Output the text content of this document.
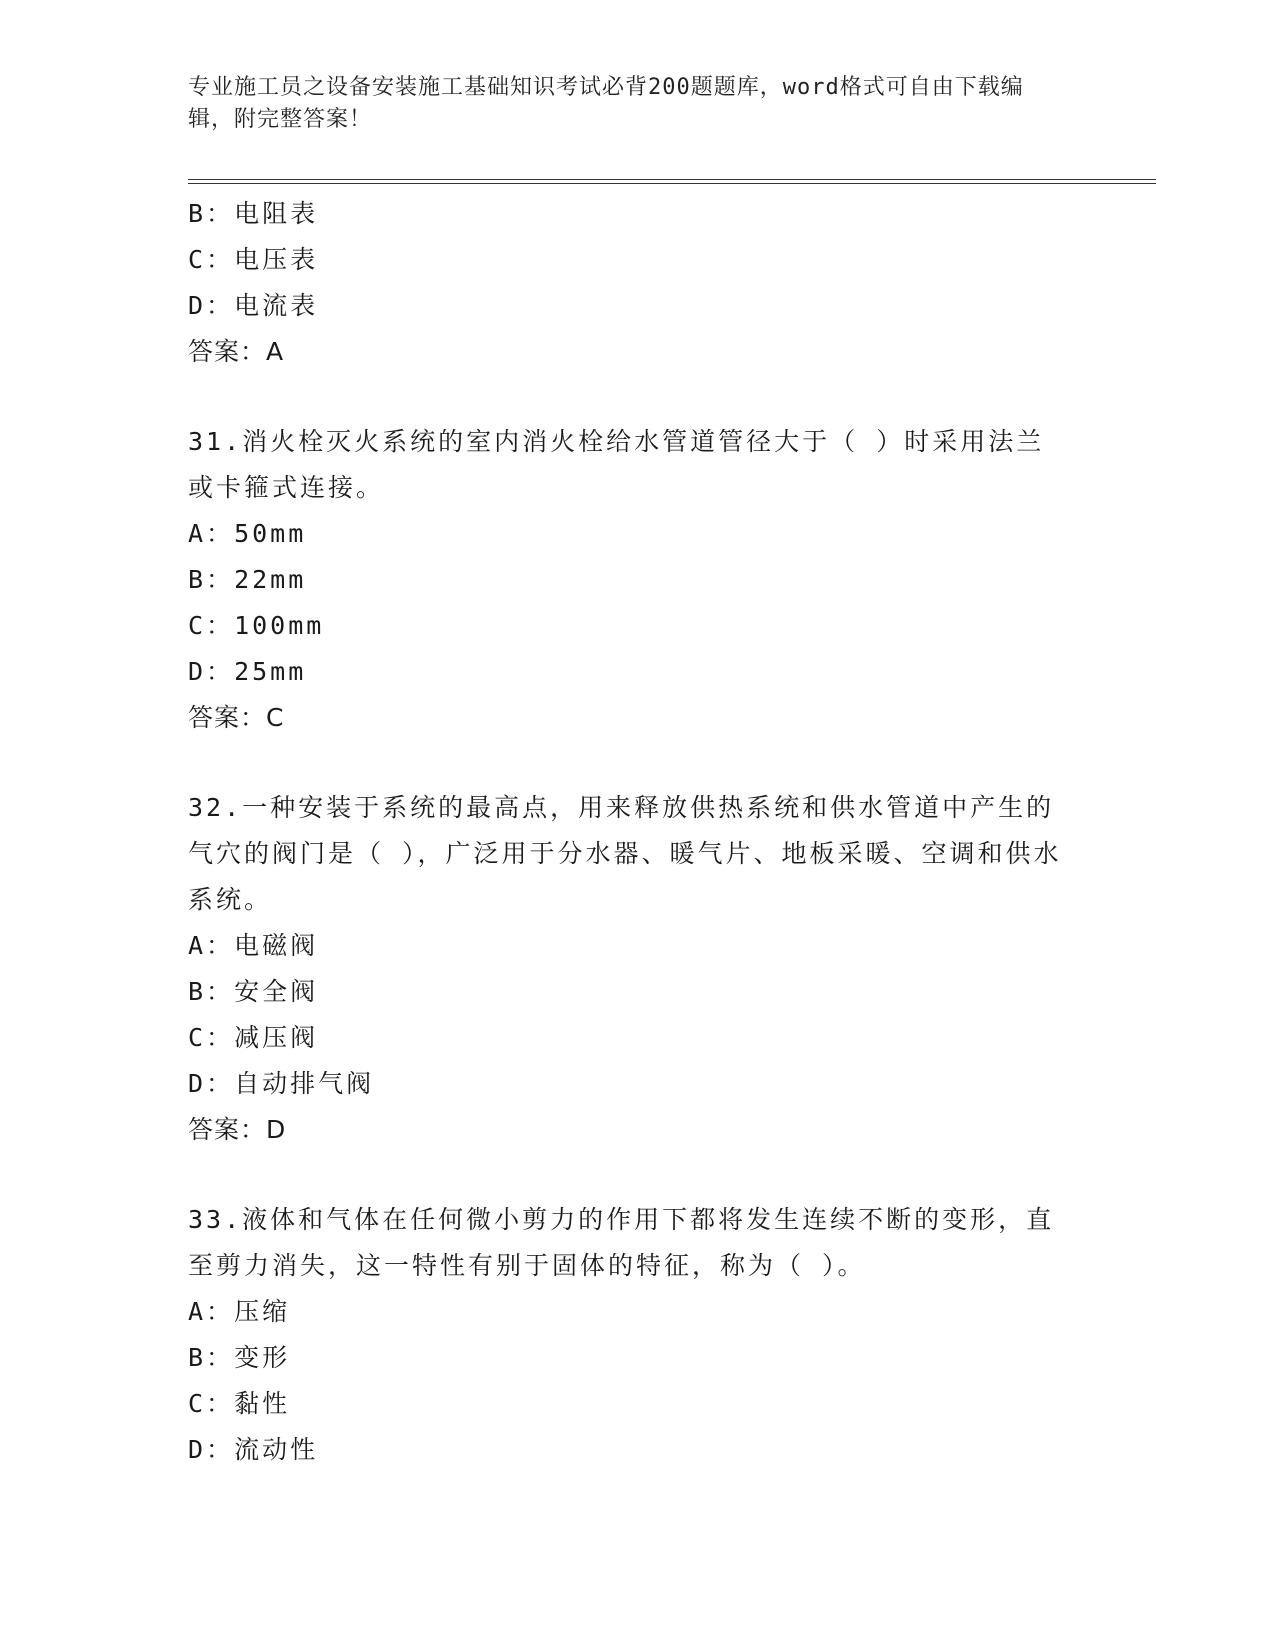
专业施工员之设备安装施工基础知识考试必背200题题库，word格式可自由下载编辑，附完整答案！
B：电阻表
C：电压表
D：电流表
答案：A
31.消火栓灭火系统的室内消火栓给水管道管径大于（ ）时采用法兰或卡箍式连接。
A：50mm
B：22mm
C：100mm
D：25mm
答案：C
32.一种安装于系统的最高点，用来释放供热系统和供水管道中产生的气穴的阀门是（ ），广泛用于分水器、暖气片、地板采暖、空调和供水系统。
A：电磁阀
B：安全阀
C：减压阀
D：自动排气阀
答案：D
33.液体和气体在任何微小剪力的作用下都将发生连续不断的变形，直至剪力消失，这一特性有别于固体的特征，称为（ ）。
A：压缩
B：变形
C：黏性
D：流动性
